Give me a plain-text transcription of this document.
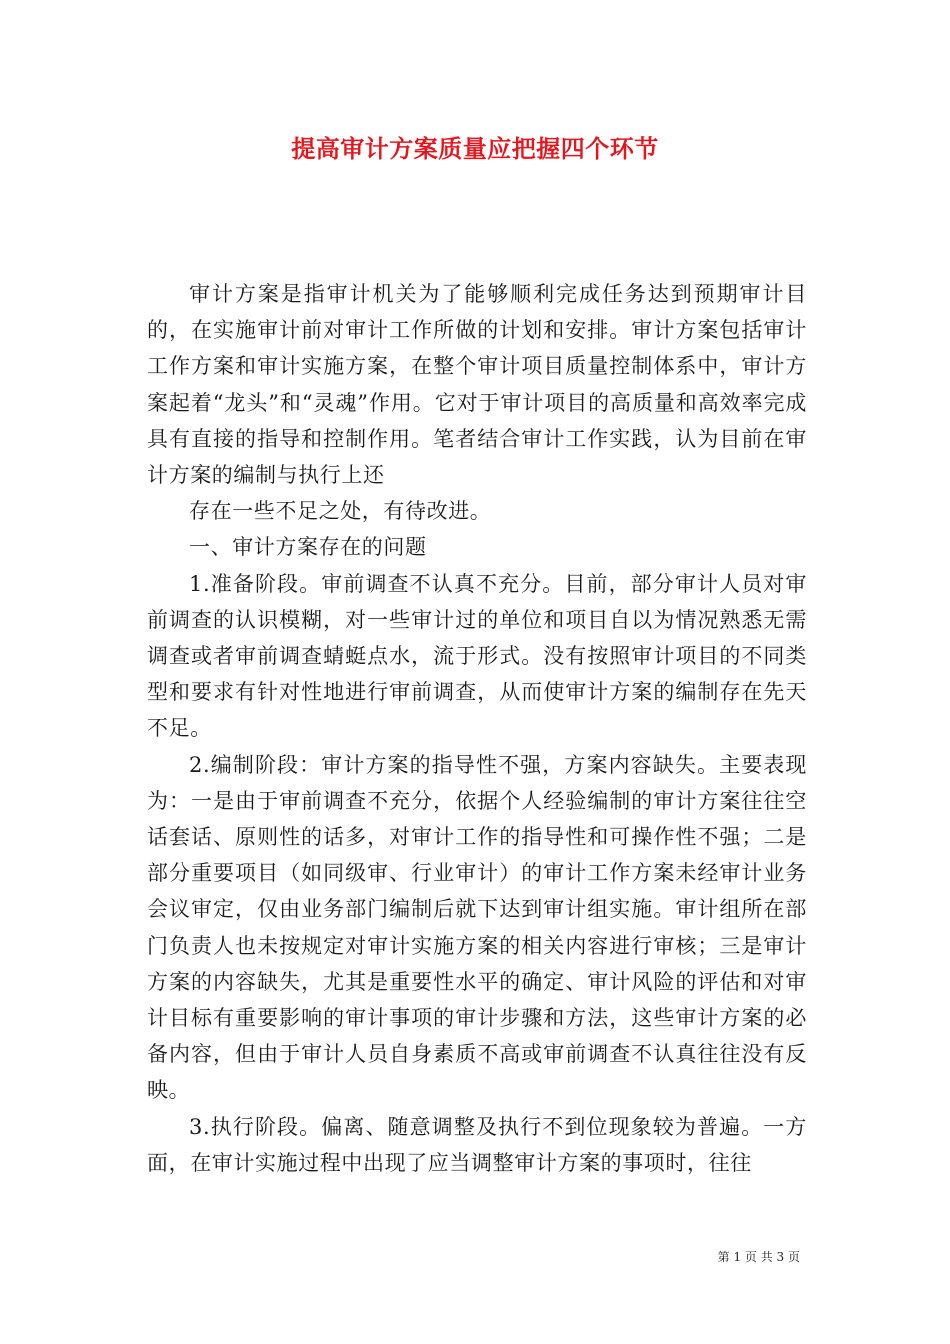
提高审计方案质量应把握四个环节

审计方案是指审计机关为了能够顺利完成任务达到预期审计目的，在实施审计前对审计工作所做的计划和安排。审计方案包括审计工作方案和审计实施方案，在整个审计项目质量控制体系中，审计方案起着“龙头”和“灵魂”作用。它对于审计项目的高质量和高效率完成具有直接的指导和控制作用。笔者结合审计工作实践，认为目前在审计方案的编制与执行上还

存在一些不足之处，有待改进。

一、审计方案存在的问题

1.准备阶段。审前调查不认真不充分。目前，部分审计人员对审前调查的认识模糊，对一些审计过的单位和项目自以为情况熟悉无需调查或者审前调查蜻蜓点水，流于形式。没有按照审计项目的不同类型和要求有针对性地进行审前调查，从而使审计方案的编制存在先天不足。

2.编制阶段：审计方案的指导性不强，方案内容缺失。主要表现为：一是由于审前调查不充分，依据个人经验编制的审计方案往往空话套话、原则性的话多，对审计工作的指导性和可操作性不强；二是部分重要项目（如同级审、行业审计）的审计工作方案未经审计业务会议审定，仅由业务部门编制后就下达到审计组实施。审计组所在部门负责人也未按规定对审计实施方案的相关内容进行审核；三是审计方案的内容缺失，尤其是重要性水平的确定、审计风险的评估和对审计目标有重要影响的审计事项的审计步骤和方法，这些审计方案的必备内容，但由于审计人员自身素质不高或审前调查不认真往往没有反映。

3.执行阶段。偏离、随意调整及执行不到位现象较为普遍。一方面，在审计实施过程中出现了应当调整审计方案的事项时，往往

第 1 页 共 3 页
